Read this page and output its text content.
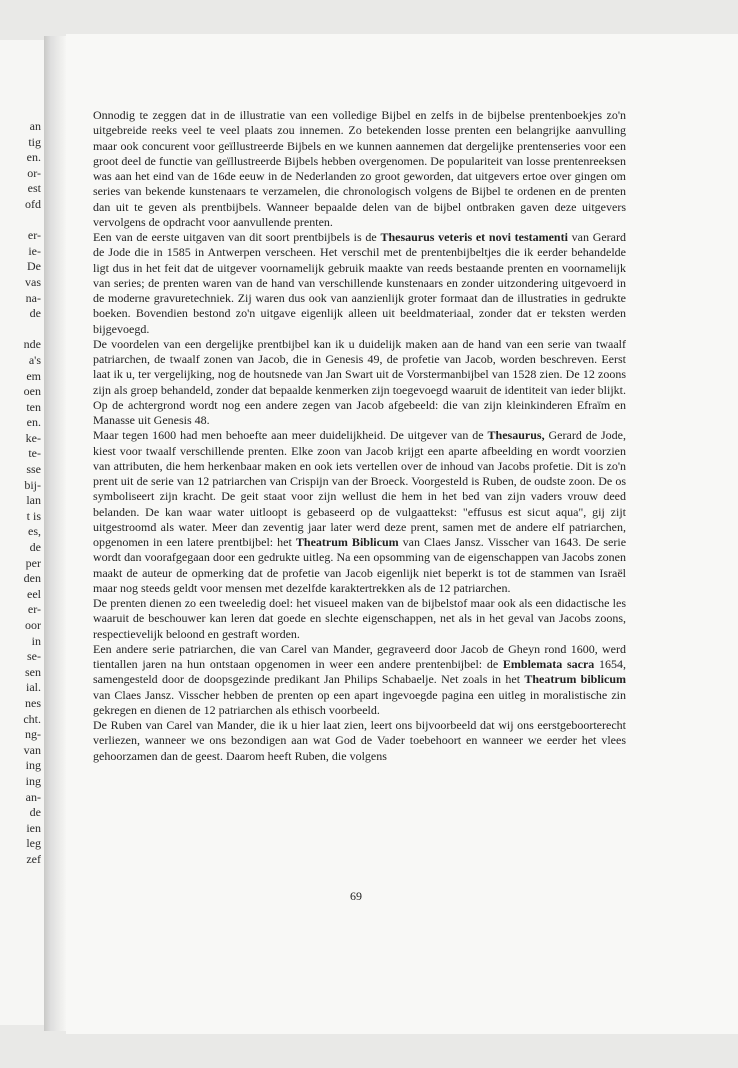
an
tig
en.
or-
est
ofd
er-
ie-
De
vas
na-
de
nde
a's
em
oen
ten
en.
ke-
te-
sse
bij-
lan
t is
es,
de
per
den
eel
er-
oor
in
se-
sen
ial.
nes
cht.
ng-
van
ing
ing
an-
de
ien
leg
zef

Onnodig te zeggen dat in de illustratie van een volledige Bijbel en zelfs in de bijbelse prentenboekjes zo'n uitgebreide reeks veel te veel plaats zou innemen. Zo betekenden losse prenten een belangrijke aanvulling maar ook concurent voor geïllustreerde Bijbels en we kunnen aannemen dat dergelijke prentenseries voor een groot deel de functie van geïllustreerde Bijbels hebben overgenomen. De populariteit van losse prentenreeksen was aan het eind van de 16de eeuw in de Nederlanden zo groot geworden, dat uitgevers ertoe over gingen om series van bekende kunstenaars te verzamelen, die chronologisch volgens de Bijbel te ordenen en de prenten dan uit te geven als prentbijbels. Wanneer bepaalde delen van de bijbel ontbraken gaven deze uitgevers vervolgens de opdracht voor aanvullende prenten.

Een van de eerste uitgaven van dit soort prentbijbels is de Thesaurus veteris et novi testamenti van Gerard de Jode die in 1585 in Antwerpen verscheen. Het verschil met de prentenbijbeltjes die ik eerder behandelde ligt dus in het feit dat de uitgever voornamelijk gebruik maakte van reeds bestaande prenten en voornamelijk van series; de prenten waren van de hand van verschillende kunstenaars en zonder uitzondering uitgevoerd in de moderne gravuretechniek. Zij waren dus ook van aanzienlijk groter formaat dan de illustraties in gedrukte boeken. Bovendien bestond zo'n uitgave eigenlijk alleen uit beeldmateriaal, zonder dat er teksten werden bijgevoegd.

De voordelen van een dergelijke prentbijbel kan ik u duidelijk maken aan de hand van een serie van twaalf patriarchen, de twaalf zonen van Jacob, die in Genesis 49, de profetie van Jacob, worden beschreven. Eerst laat ik u, ter vergelijking, nog de houtsnede van Jan Swart uit de Vorstermanbijbel van 1528 zien. De 12 zoons zijn als groep behandeld, zonder dat bepaalde kenmerken zijn toegevoegd waaruit de identiteit van ieder blijkt. Op de achtergrond wordt nog een andere zegen van Jacob afgebeeld: die van zijn kleinkinderen Efraïm en Manasse uit Genesis 48.

Maar tegen 1600 had men behoefte aan meer duidelijkheid. De uitgever van de Thesaurus, Gerard de Jode, kiest voor twaalf verschillende prenten. Elke zoon van Jacob krijgt een aparte afbeelding en wordt voorzien van attributen, die hem herkenbaar maken en ook iets vertellen over de inhoud van Jacobs profetie. Dit is zo'n prent uit de serie van 12 patriarchen van Crispijn van der Broeck. Voorgesteld is Ruben, de oudste zoon. De os symboliseert zijn kracht. De geit staat voor zijn wellust die hem in het bed van zijn vaders vrouw deed belanden. De kan waar water uitloopt is gebaseerd op de vulgaattekst: "effusus est sicut aqua", gij zijt uitgestroomd als water. Meer dan zeventig jaar later werd deze prent, samen met de andere elf patriarchen, opgenomen in een latere prentbijbel: het Theatrum Biblicum van Claes Jansz. Visscher van 1643. De serie wordt dan voorafgegaan door een gedrukte uitleg. Na een opsomming van de eigenschappen van Jacobs zonen maakt de auteur de opmerking dat de profetie van Jacob eigenlijk niet beperkt is tot de stammen van Israël maar nog steeds geldt voor mensen met dezelfde karaktertrekken als de 12 patriarchen.

De prenten dienen zo een tweeledig doel: het visueel maken van de bijbelstof maar ook als een didactische les waaruit de beschouwer kan leren dat goede en slechte eigenschappen, net als in het geval van Jacobs zoons, respectievelijk beloond en gestraft worden.

Een andere serie patriarchen, die van Carel van Mander, gegraveerd door Jacob de Gheyn rond 1600, werd tientallen jaren na hun ontstaan opgenomen in weer een andere prentenbijbel: de Emblemata sacra 1654, samengesteld door de doopsgezinde predikant Jan Philips Schabaelje. Net zoals in het Theatrum biblicum van Claes Jansz. Visscher hebben de prenten op een apart ingevoegde pagina een uitleg in moralistische zin gekregen en dienen de 12 patriarchen als ethisch voorbeeld.

De Ruben van Carel van Mander, die ik u hier laat zien, leert ons bijvoorbeeld dat wij ons eerstgeboorterecht verliezen, wanneer we ons bezondigen aan wat God de Vader toebehoort en wanneer we eerder het vlees gehoorzamen dan de geest. Daarom heeft Ruben, die volgens

69
